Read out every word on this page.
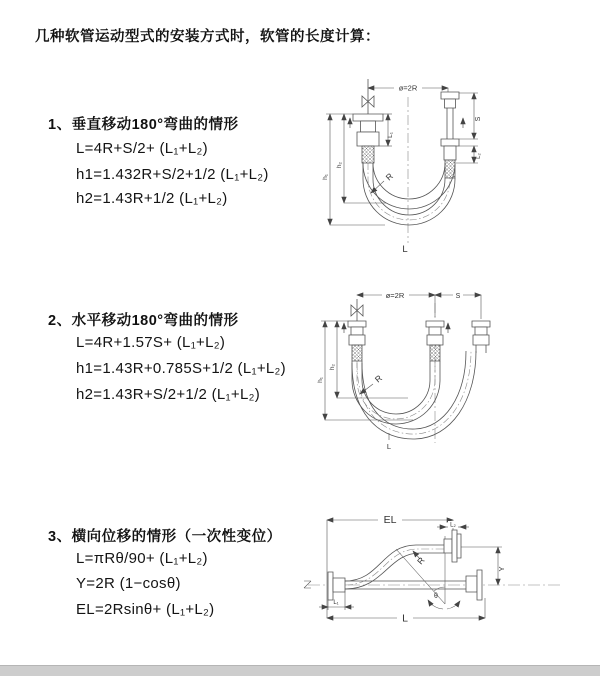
几种软管运动型式的安装方式时，软管的长度计算：
1、垂直移动180°弯曲的情形
L=4R+S/2+ (L₁+L₂)
h1=1.432R+S/2+1/2 (L₁+L₂)
h2=1.43R+1/2 (L₁+L₂)
2、水平移动180°弯曲的情形
L=4R+1.57S+ (L₁+L₂)
h1=1.43R+0.785S+1/2 (L₁+L₂)
h2=1.43R+S/2+1/2 (L₁+L₂)
3、横向位移的情形（一次性变位）
L=πRθ/90+ (L₁+L₂)
Y=2R (1−cosθ)
EL=2Rsinθ+ (L₁+L₂)
ø=2R
L₁
S
L₂
h₁
h₂
R
L
ø=2R	S
h₁
h₂
R
L
EL	L₂
Y
R
θ
L₁
L
